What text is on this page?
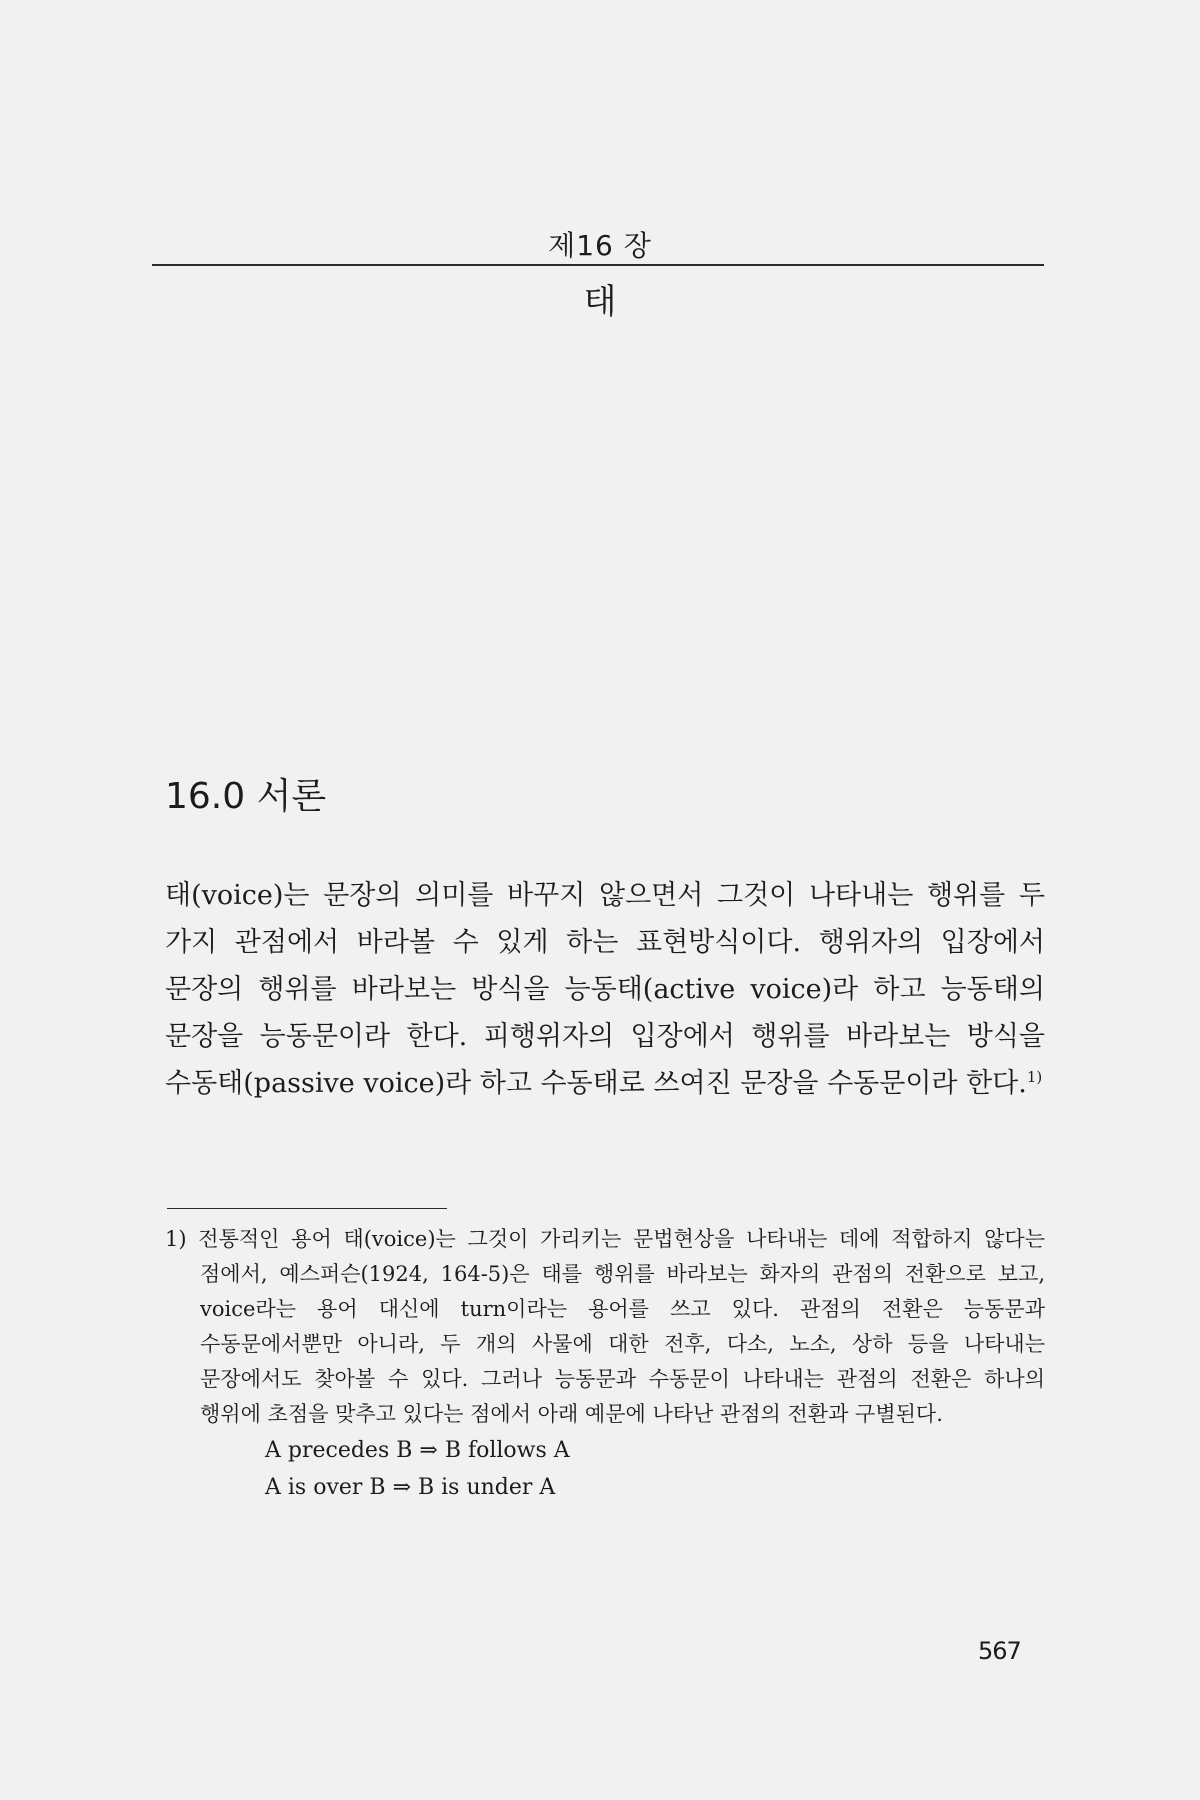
제16 장
태
16.0 서론

태(voice)는 문장의 의미를 바꾸지 않으면서 그것이 나타내는 행위를 두 가지 관점에서 바라볼 수 있게 하는 표현방식이다. 행위자의 입장에서 문장의 행위를 바라보는 방식을 능동태(active voice)라 하고 능동태의 문장을 능동문이라 한다. 피행위자의 입장에서 행위를 바라보는 방식을 수동태(passive voice)라 하고 수동태로 쓰여진 문장을 수동문이라 한다.$^{1)}$

1) 전통적인 용어 태(voice)는 그것이 가리키는 문법현상을 나타내는 데에 적합하지 않다는 점에서, 예스퍼슨(1924, 164-5)은 태를 행위를 바라보는 화자의 관점의 전환으로 보고, voice라는 용어 대신에 turn이라는 용어를 쓰고 있다. 관점의 전환은 능동문과 수동문에서뿐만 아니라, 두 개의 사물에 대한 전후, 다소, 노소, 상하 등을 나타내는 문장에서도 찾아볼 수 있다. 그러나 능동문과 수동문이 나타내는 관점의 전환은 하나의 행위에 초점을 맞추고 있다는 점에서 아래 예문에 나타난 관점의 전환과 구별된다.
A precedes B ⇒ B follows A
A is over B ⇒ B is under A
567
